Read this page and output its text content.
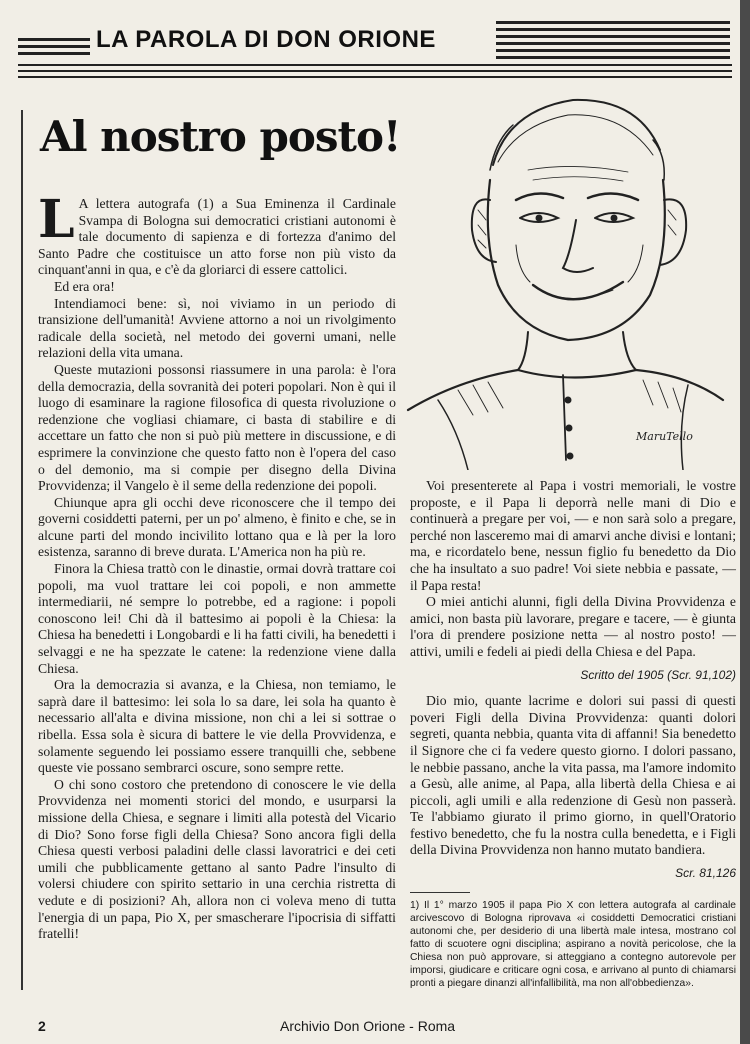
LA PAROLA DI DON ORIONE
Al nostro posto!

L A lettera autografa (1) a Sua Eminenza il Cardinale Svampa di Bologna sui democratici cristiani autonomi è tale documento di sapienza e di fortezza d'animo del Santo Padre che costituisce un atto forse non più visto da cinquant'anni in qua, e c'è da gloriarci di essere cattolici.

Ed era ora!

Intendiamoci bene: sì, noi viviamo in un periodo di transizione dell'umanità! Avviene attorno a noi un rivolgimento radicale della società, nel metodo dei governi umani, nelle relazioni della vita umana.

Queste mutazioni possonsi riassumere in una parola: è l'ora della democrazia, della sovranità dei poteri popolari. Non è qui il luogo di esaminare la ragione filosofica di questa rivoluzione o redenzione che vogliasi chiamare, ci basta di stabilire e di accettare un fatto che non si può più mettere in discussione, e di esprimere la convinzione che questo fatto non è l'opera del caso o del demonio, ma si compie per disegno della Divina Provvidenza; il Vangelo è il seme della redenzione dei popoli.

Chiunque apra gli occhi deve riconoscere che il tempo dei governi cosiddetti paterni, per un po' almeno, è finito e che, se in alcune parti del mondo incivilito lottano qua e là per la loro esistenza, saranno di breve durata. L'America non ha più re.

Finora la Chiesa trattò con le dinastie, ormai dovrà trattare coi popoli, ma vuol trattare lei coi popoli, e non ammette intermediarii, né sempre lo potrebbe, ed a ragione: i popoli conoscono lei! Chi dà il battesimo ai popoli è la Chiesa: la Chiesa ha benedetti i Longobardi e li ha fatti civili, ha benedetti i selvaggi e ne ha spezzate le catene: la redenzione viene dalla Chiesa.

Ora la democrazia si avanza, e la Chiesa, non temiamo, le saprà dare il battesimo: lei sola lo sa dare, lei sola ha quanto è necessario all'alta e divina missione, non chi a lei si sottrae o ribella. Essa sola è sicura di battere le vie della Provvidenza, e solamente seguendo lei possiamo essere tranquilli che, sebbene queste vie possano sembrarci oscure, sono sempre rette.

O chi sono costoro che pretendono di conoscere le vie della Provvidenza nei momenti storici del mondo, e usurparsi la missione della Chiesa, e segnare i limiti alla potestà del Vicario di Dio? Sono forse figli della Chiesa? Sono ancora figli della Chiesa questi verbosi paladini delle classi lavoratrici e dei ceti umili che pubblicamente gettano al santo Padre l'insulto di volersi chiudere con spirito settario in una cerchia ristretta di vedute e di posizioni? Ah, allora non ci voleva meno di tutta l'energia di un papa, Pio X, per smascherare l'ipocrisia di siffatti fratelli!

MaruTello

Voi presenterete al Papa i vostri memoriali, le vostre proposte, e il Papa li deporrà nelle mani di Dio e continuerà a pregare per voi, — e non sarà solo a pregare, perché non lasceremo mai di amarvi anche divisi e lontani; ma, e ricordatelo bene, nessun figlio fu benedetto da Dio che ha insultato a suo padre! Voi siete nebbia e passate, — il Papa resta!

O miei antichi alunni, figli della Divina Provvidenza e amici, non basta più lavorare, pregare e tacere, — è giunta l'ora di prendere posizione netta — al nostro posto! — attivi, umili e fedeli ai piedi della Chiesa e del Papa.

Scritto del 1905 (Scr. 91,102)

Dio mio, quante lacrime e dolori sui passi di questi poveri Figli della Divina Provvidenza: quanti dolori segreti, quanta nebbia, quanta vita di affanni! Sia benedetto il Signore che ci fa vedere questo giorno. I dolori passano, le nebbie passano, anche la vita passa, ma l'amore indomito a Gesù, alle anime, al Papa, alla libertà della Chiesa e ai piccoli, agli umili e alla redenzione di Gesù non passerà. Te l'abbiamo giurato il primo giorno, in quell'Oratorio festivo benedetto, che fu la nostra culla benedetta, e i Figli della Divina Provvidenza non hanno mutato bandiera.

Scr. 81,126
1) Il 1° marzo 1905 il papa Pio X con lettera autografa al cardinale arcivescovo di Bologna riprovava «i cosiddetti Democratici cristiani autonomi che, per desiderio di una libertà male intesa, mostrano col fatto di scuotere ogni disciplina; aspirano a novità pericolose, che la Chiesa non può approvare, si atteggiano a contegno autorevole per imporsi, giudicare e criticare ogni cosa, e arrivano al punto di chiamarsi pronti a piegare dinanzi all'infallibilità, ma non all'obbedienza».
2	Archivio Don Orione - Roma
